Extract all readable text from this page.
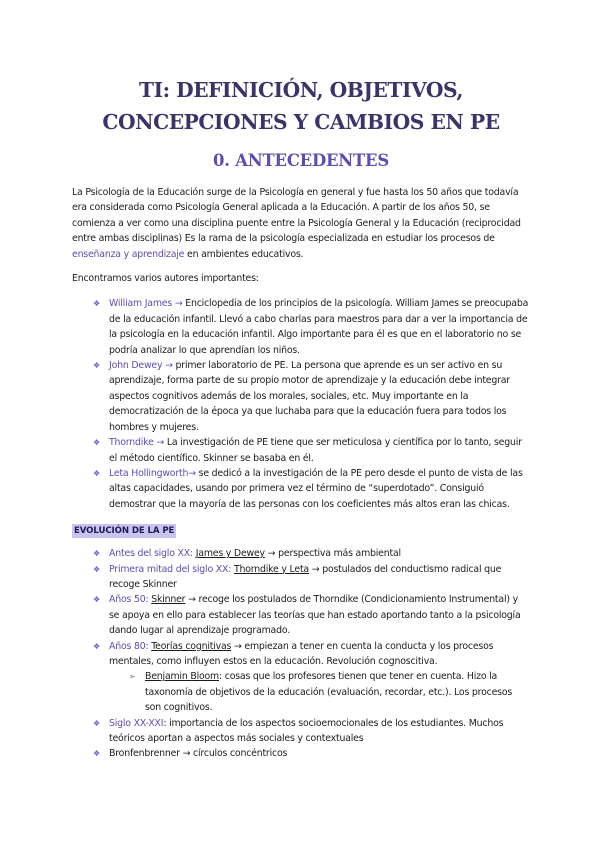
TI: DEFINICIÓN, OBJETIVOS, CONCEPCIONES Y CAMBIOS EN PE
0. ANTECEDENTES

La Psicología de la Educación surge de la Psicología en general y fue hasta los 50 años que todavía era considerada como Psicología General aplicada a la Educación. A partir de los años 50, se comienza a ver como una disciplina puente entre la Psicología General y la Educación (reciprocidad entre ambas disciplinas) Es la rama de la psicología especializada en estudiar los procesos de enseñanza y aprendizaje en ambientes educativos.

Encontramos varios autores importantes:

❖ William James → Enciclopedia de los principios de la psicología. William James se preocupaba de la educación infantil. Llevó a cabo charlas para maestros para dar a ver la importancia de la psicología en la educación infantil. Algo importante para él es que en el laboratorio no se podría analizar lo que aprendían los niños.
❖ John Dewey → primer laboratorio de PE. La persona que aprende es un ser activo en su aprendizaje, forma parte de su propio motor de aprendizaje y la educación debe integrar aspectos cognitivos además de los morales, sociales, etc. Muy importante en la democratización de la época ya que luchaba para que la educación fuera para todos los hombres y mujeres.
❖ Thorndike → La investigación de PE tiene que ser meticulosa y científica por lo tanto, seguir el método científico. Skinner se basaba en él.
❖ Leta Hollingworth→ se dedicó a la investigación de la PE pero desde el punto de vista de las altas capacidades, usando por primera vez el término de “superdotado”. Consiguió demostrar que la mayoría de las personas con los coeficientes más altos eran las chicas.
EVOLUCIÓN DE LA PE
❖ Antes del siglo XX: James y Dewey → perspectiva más ambiental
❖ Primera mitad del siglo XX: Thorndike y Leta → postulados del conductismo radical que recoge Skinner
❖ Años 50: Skinner → recoge los postulados de Thorndike (Condicionamiento Instrumental) y se apoya en ello para establecer las teorías que han estado aportando tanto a la psicología dando lugar al aprendizaje programado.
❖ Años 80: Teorías cognitivas → empiezan a tener en cuenta la conducta y los procesos mentales, como influyen estos en la educación. Revolución cognoscitiva.
➢	Benjamin Bloom: cosas que los profesores tienen que tener en cuenta. Hizo la taxonomía de objetivos de la educación (evaluación, recordar, etc.). Los procesos son cognitivos.
❖ Siglo XX-XXI: importancia de los aspectos socioemocionales de los estudiantes. Muchos teóricos aportan a aspectos más sociales y contextuales
❖ Bronfenbrenner → círculos concéntricos
